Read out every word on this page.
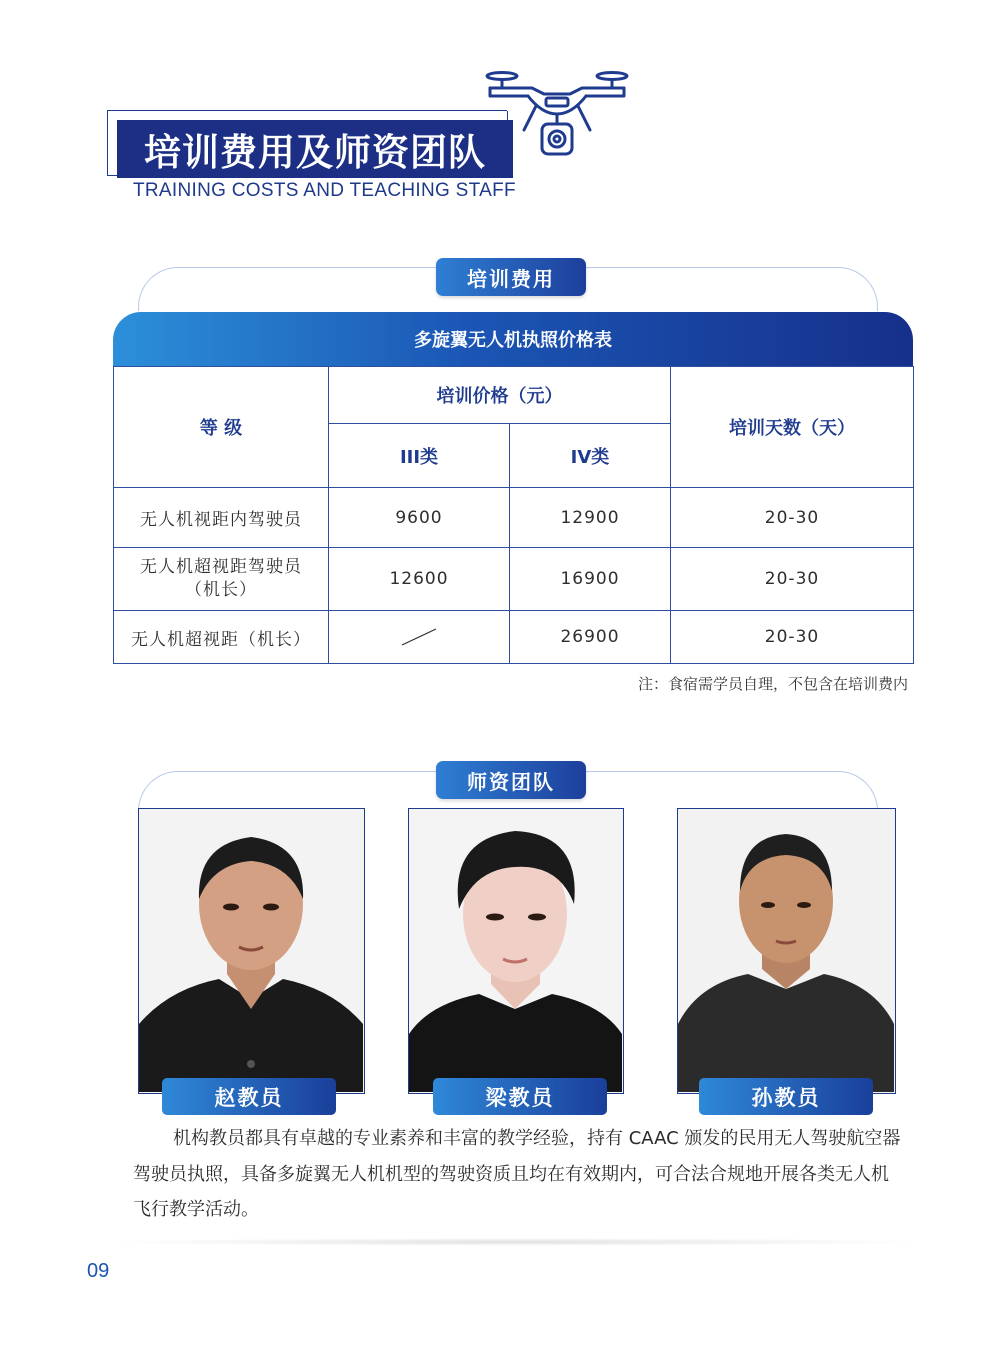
培训费用及师资团队
TRAINING COSTS AND TEACHING STAFF
培训费用
多旋翼无人机执照价格表
等 级	培训价格（元）		培训天数（天）
	III类	IV类	
无人机视距内驾驶员	9600	12900	20-30

无人机超视距驾驶员
（机长）	12600	16900	20-30
无人机超视距（机长）		26900	20-30
注：食宿需学员自理，不包含在培训费内
师资团队
赵教员	梁教员	孙教员
机构教员都具有卓越的专业素养和丰富的教学经验，持有 CAAC 颁发的民用无人驾驶航空器驾驶员执照，具备多旋翼无人机机型的驾驶资质且均在有效期内，可合法合规地开展各类无人机飞行教学活动。
09
